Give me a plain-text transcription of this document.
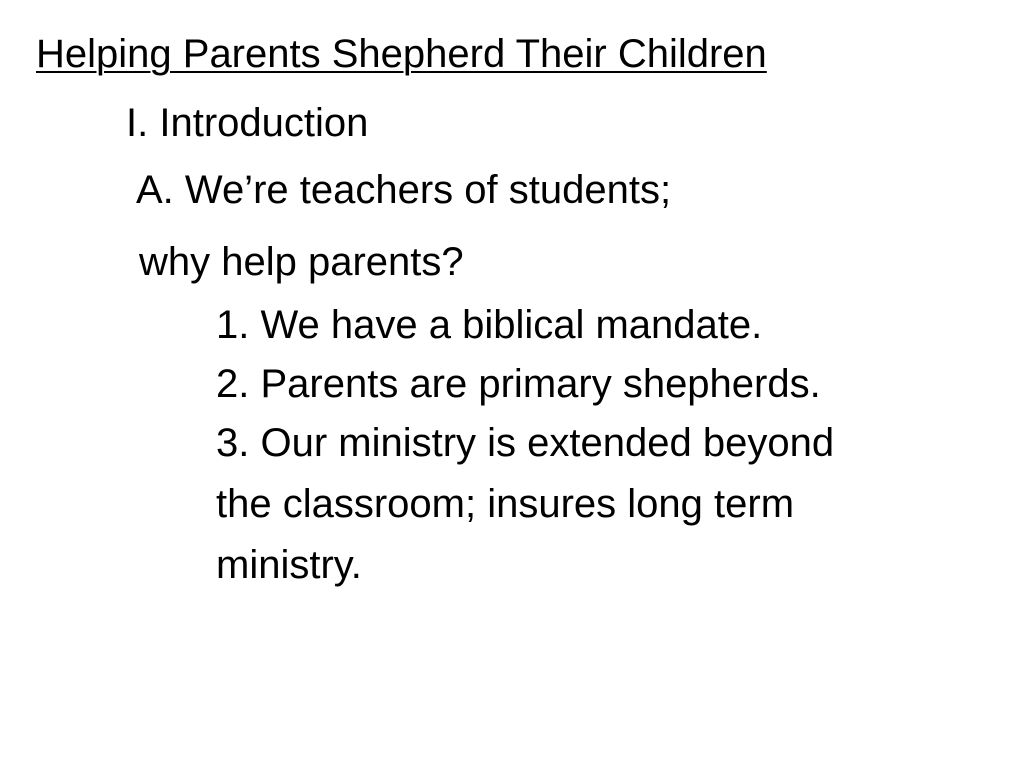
Helping Parents Shepherd Their Children
I. Introduction
A. We’re teachers of students;
why help parents?
1. We have a biblical mandate.
2. Parents are primary shepherds.
3. Our ministry is extended beyond
the classroom; insures long term
ministry.
